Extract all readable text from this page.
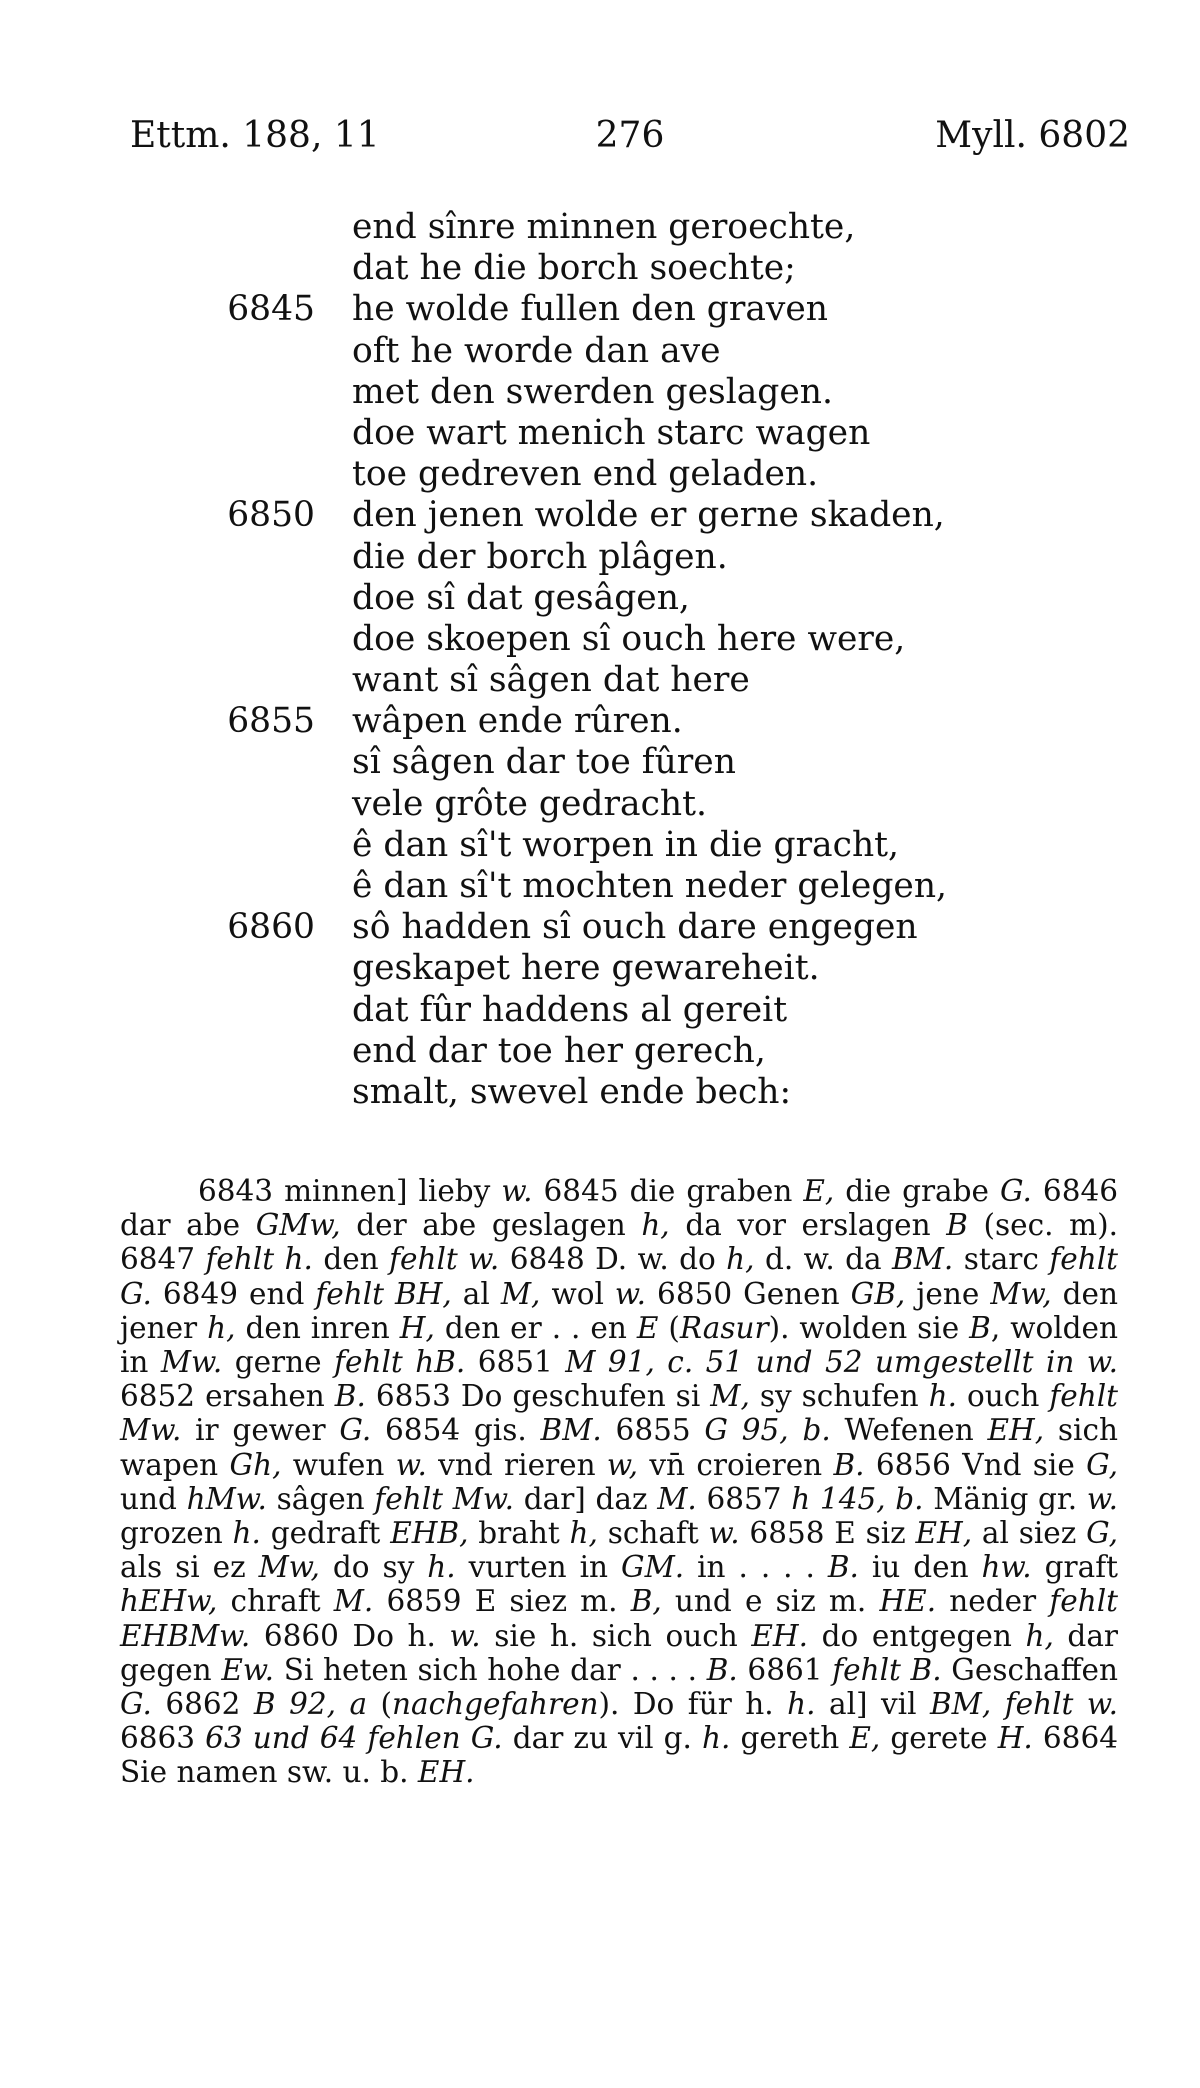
Ettm. 188, 11	276	Myll. 6802
end sînre minnen geroechte,
dat he die borch soechte;
6845 he wolde fullen den graven
oft he worde dan ave
met den swerden geslagen.
doe wart menich starc wagen
toe gedreven end geladen.
6850 den jenen wolde er gerne skaden,
die der borch plâgen.
doe sî dat gesâgen,
doe skoepen sî ouch here were,
want sî sâgen dat here
6855 wâpen ende rûren.
sî sâgen dar toe fûren
vele grôte gedracht.
ê dan sî't worpen in die gracht,
ê dan sî't mochten neder gelegen,
6860 sô hadden sî ouch dare engegen
geskapet here gewareheit.
dat fûr haddens al gereit
end dar toe her gerech,
smalt, swevel ende bech:

6843 minnen] lieby w. 6845 die graben E, die grabe G. 6846 dar abe GMw, der abe geslagen h, da vor erslagen B (sec. m). 6847 fehlt h. den fehlt w. 6848 D. w. do h, d. w. da BM. starc fehlt G. 6849 end fehlt BH, al M, wol w. 6850 Genen GB, jene Mw, den jener h, den inren H, den er . . en E (Rasur). wolden sie B, wolden in Mw. gerne fehlt hB. 6851 M 91, c. 51 und 52 umgestellt in w. 6852 ersahen B. 6853 Do geschufen si M, sy schufen h. ouch fehlt Mw. ir gewer G. 6854 gis. BM. 6855 G 95, b. Wefenen EH, sich wapen Gh, wufen w. vnd rieren w, vn̄ croieren B. 6856 Vnd sie G, und hMw. sâgen fehlt Mw. dar] daz M. 6857 h 145, b. Mänig gr. w. grozen h. gedraft EHB, braht h, schaft w. 6858 E siz EH, al siez G, als si ez Mw, do sy h. vurten in GM. in . . . . B. iu den hw. graft hEHw, chraft M. 6859 E siez m. B, und e siz m. HE. neder fehlt EHBMw. 6860 Do h. w. sie h. sich ouch EH. do entgegen h, dar gegen Ew. Si heten sich hohe dar . . . . B. 6861 fehlt B. Geschaffen G. 6862 B 92, a (nachgefahren). Do für h. h. al] vil BM, fehlt w. 6863 63 und 64 fehlen G. dar zu vil g. h. gereth E, gerete H. 6864 Sie namen sw. u. b. EH.
